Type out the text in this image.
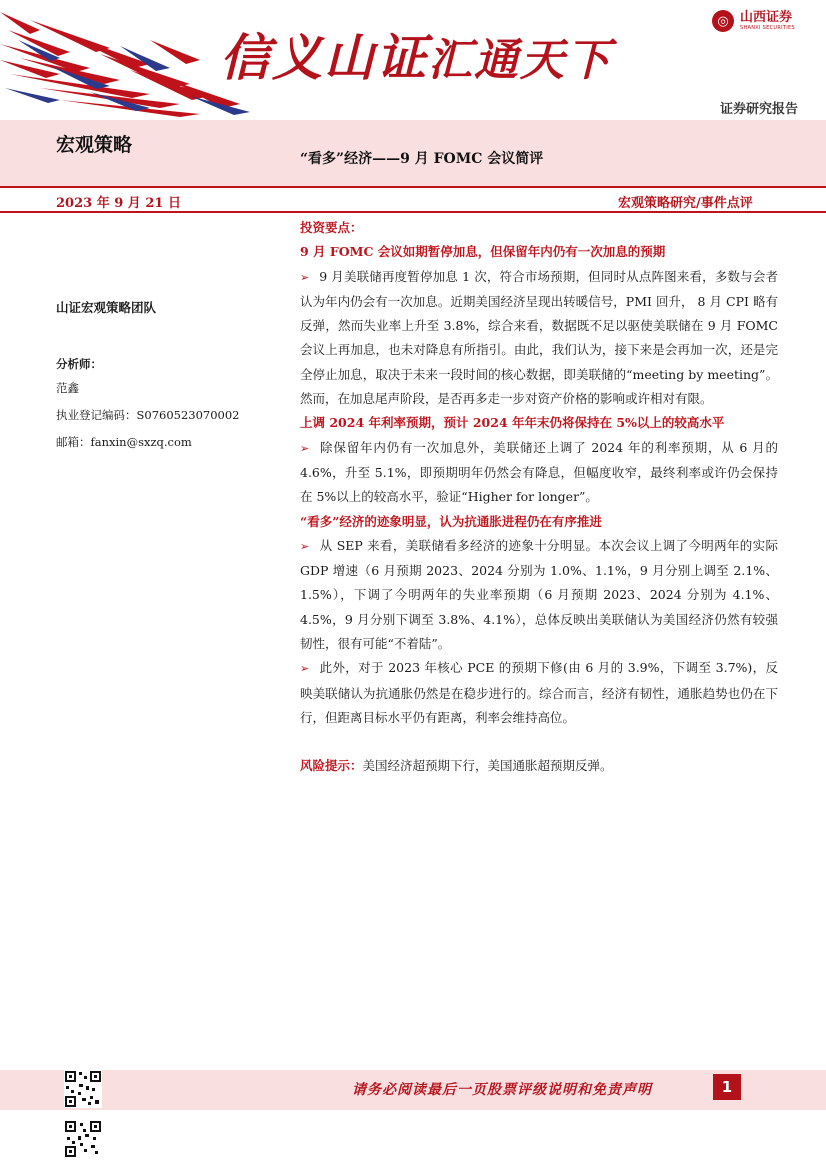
信义山证汇通天下
◎ 山西证券
SHANXI SECURITIES
证券研究报告
宏观策略
“看多”经济——9 月 FOMC 会议简评
2023 年 9 月 21 日	宏观策略研究/事件点评
山证宏观策略团队
分析师：
范鑫
执业登记编码：S0760523070002
邮箱：fanxin@sxzq.com

投资要点：

9 月 FOMC 会议如期暂停加息，但保留年内仍有一次加息的预期

➢ 9 月美联储再度暂停加息 1 次，符合市场预期，但同时从点阵图来看，多数与会者认为年内仍会有一次加息。近期美国经济呈现出转暖信号，PMI 回升， 8 月 CPI 略有反弹，然而失业率上升至 3.8%，综合来看，数据既不足以驱使美联储在 9 月 FOMC 会议上再加息，也未对降息有所指引。由此，我们认为，接下来是会再加一次，还是完全停止加息，取决于未来一段时间的核心数据，即美联储的“meeting by meeting”。然而，在加息尾声阶段，是否再多走一步对资产价格的影响或许相对有限。

上调 2024 年利率预期，预计 2024 年年末仍将保持在 5%以上的较高水平

➢ 除保留年内仍有一次加息外，美联储还上调了 2024 年的利率预期，从 6 月的 4.6%，升至 5.1%，即预期明年仍然会有降息，但幅度收窄，最终利率或许仍会保持在 5%以上的较高水平，验证“Higher for longer”。

“看多”经济的迹象明显，认为抗通胀进程仍在有序推进

➢ 从 SEP 来看，美联储看多经济的迹象十分明显。本次会议上调了今明两年的实际 GDP 增速（6 月预期 2023、2024 分别为 1.0%、1.1%，9 月分别上调至 2.1%、1.5%），下调了今明两年的失业率预期（6 月预期 2023、2024 分别为 4.1%、4.5%，9 月分别下调至 3.8%、4.1%），总体反映出美联储认为美国经济仍然有较强韧性，很有可能“不着陆”。

➢ 此外，对于 2023 年核心 PCE 的预期下修(由 6 月的 3.9%，下调至 3.7%)，反映美联储认为抗通胀仍然是在稳步进行的。综合而言，经济有韧性，通胀趋势也仍在下行，但距离目标水平仍有距离，利率会维持高位。

风险提示：美国经济超预期下行，美国通胀超预期反弹。

请务必阅读最后一页股票评级说明和免责声明	1
